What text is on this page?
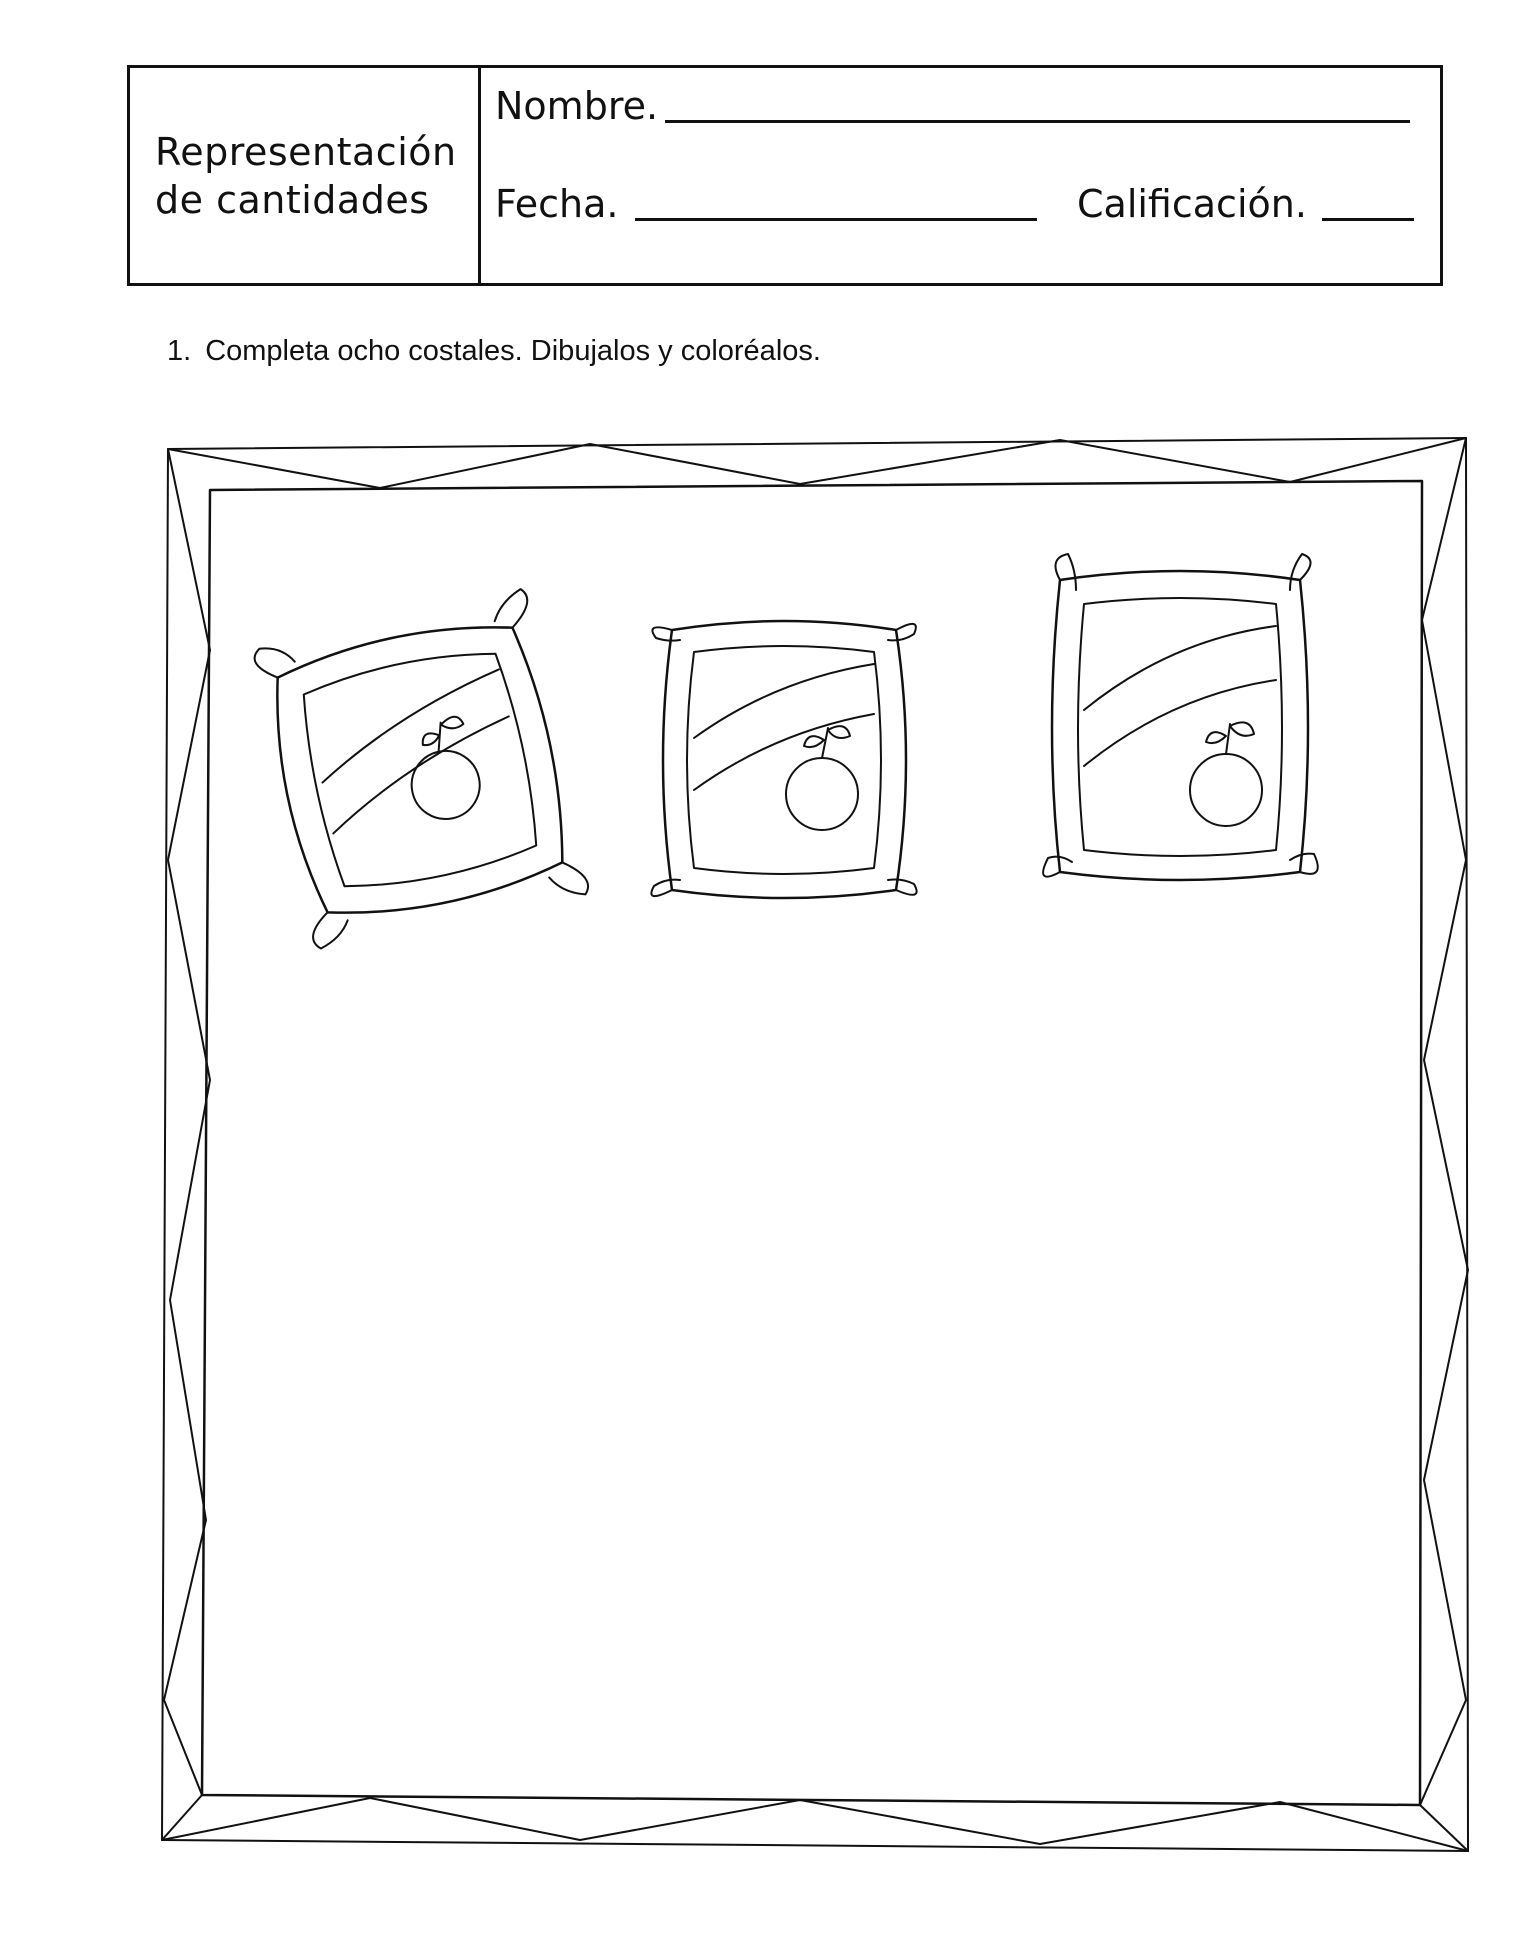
Representación
de cantidades
Nombre.
Fecha.	Calificación.
1. Completa ocho costales. Dibujalos y coloréalos.
